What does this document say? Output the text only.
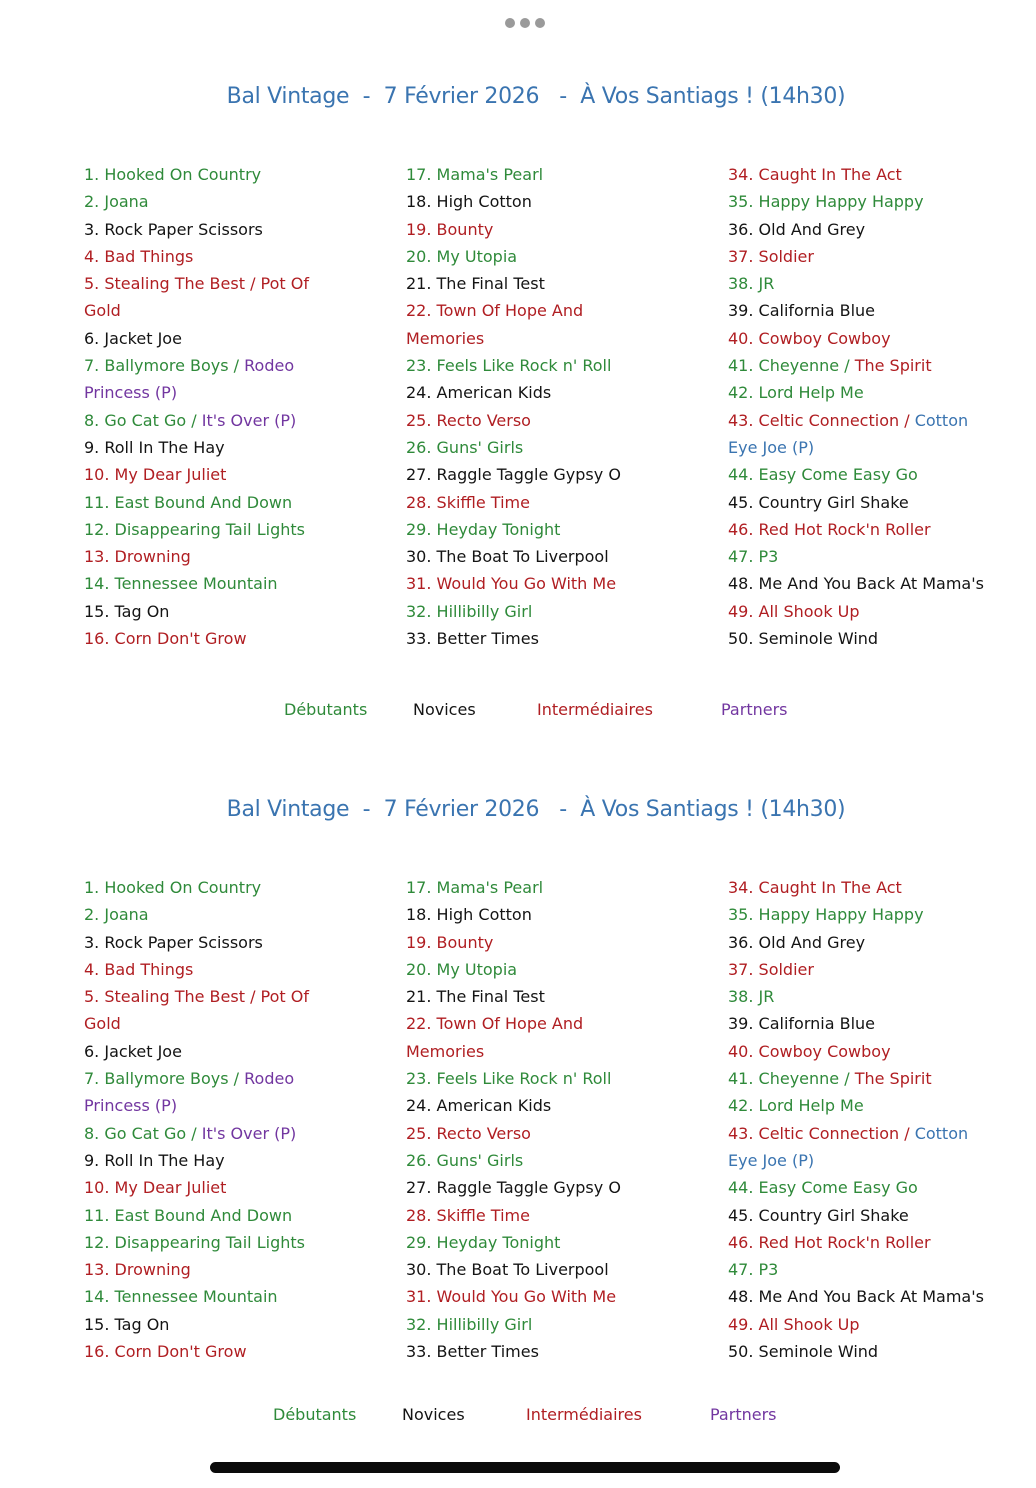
Bal Vintage  -  7 Février 2026   -  À Vos Santiags ! (14h30)
1. Hooked On Country
2. Joana
3. Rock Paper Scissors
4. Bad Things
5. Stealing The Best / Pot Of
Gold
6. Jacket Joe
7. Ballymore Boys / Rodeo
Princess (P)
8. Go Cat Go / It's Over (P)
9. Roll In The Hay
10. My Dear Juliet
11. East Bound And Down
12. Disappearing Tail Lights
13. Drowning
14. Tennessee Mountain
15. Tag On
16. Corn Don't Grow
17. Mama's Pearl
18. High Cotton
19. Bounty
20. My Utopia
21. The Final Test
22. Town Of Hope And
Memories
23. Feels Like Rock n' Roll
24. American Kids
25. Recto Verso
26. Guns' Girls
27. Raggle Taggle Gypsy O
28. Skiffle Time
29. Heyday Tonight
30. The Boat To Liverpool
31. Would You Go With Me
32. Hillibilly Girl
33. Better Times
34. Caught In The Act
35. Happy Happy Happy
36. Old And Grey
37. Soldier
38. JR
39. California Blue
40. Cowboy Cowboy
41. Cheyenne / The Spirit
42. Lord Help Me
43. Celtic Connection / Cotton
Eye Joe (P)
44. Easy Come Easy Go
45. Country Girl Shake
46. Red Hot Rock'n Roller
47. P3
48. Me And You Back At Mama's
49. All Shook Up
50. Seminole Wind
Débutants	Novices	Intermédiaires	Partners
Bal Vintage  -  7 Février 2026   -  À Vos Santiags ! (14h30)
1. Hooked On Country
2. Joana
3. Rock Paper Scissors
4. Bad Things
5. Stealing The Best / Pot Of
Gold
6. Jacket Joe
7. Ballymore Boys / Rodeo
Princess (P)
8. Go Cat Go / It's Over (P)
9. Roll In The Hay
10. My Dear Juliet
11. East Bound And Down
12. Disappearing Tail Lights
13. Drowning
14. Tennessee Mountain
15. Tag On
16. Corn Don't Grow
17. Mama's Pearl
18. High Cotton
19. Bounty
20. My Utopia
21. The Final Test
22. Town Of Hope And
Memories
23. Feels Like Rock n' Roll
24. American Kids
25. Recto Verso
26. Guns' Girls
27. Raggle Taggle Gypsy O
28. Skiffle Time
29. Heyday Tonight
30. The Boat To Liverpool
31. Would You Go With Me
32. Hillibilly Girl
33. Better Times
34. Caught In The Act
35. Happy Happy Happy
36. Old And Grey
37. Soldier
38. JR
39. California Blue
40. Cowboy Cowboy
41. Cheyenne / The Spirit
42. Lord Help Me
43. Celtic Connection / Cotton
Eye Joe (P)
44. Easy Come Easy Go
45. Country Girl Shake
46. Red Hot Rock'n Roller
47. P3
48. Me And You Back At Mama's
49. All Shook Up
50. Seminole Wind
Débutants	Novices	Intermédiaires	Partners
